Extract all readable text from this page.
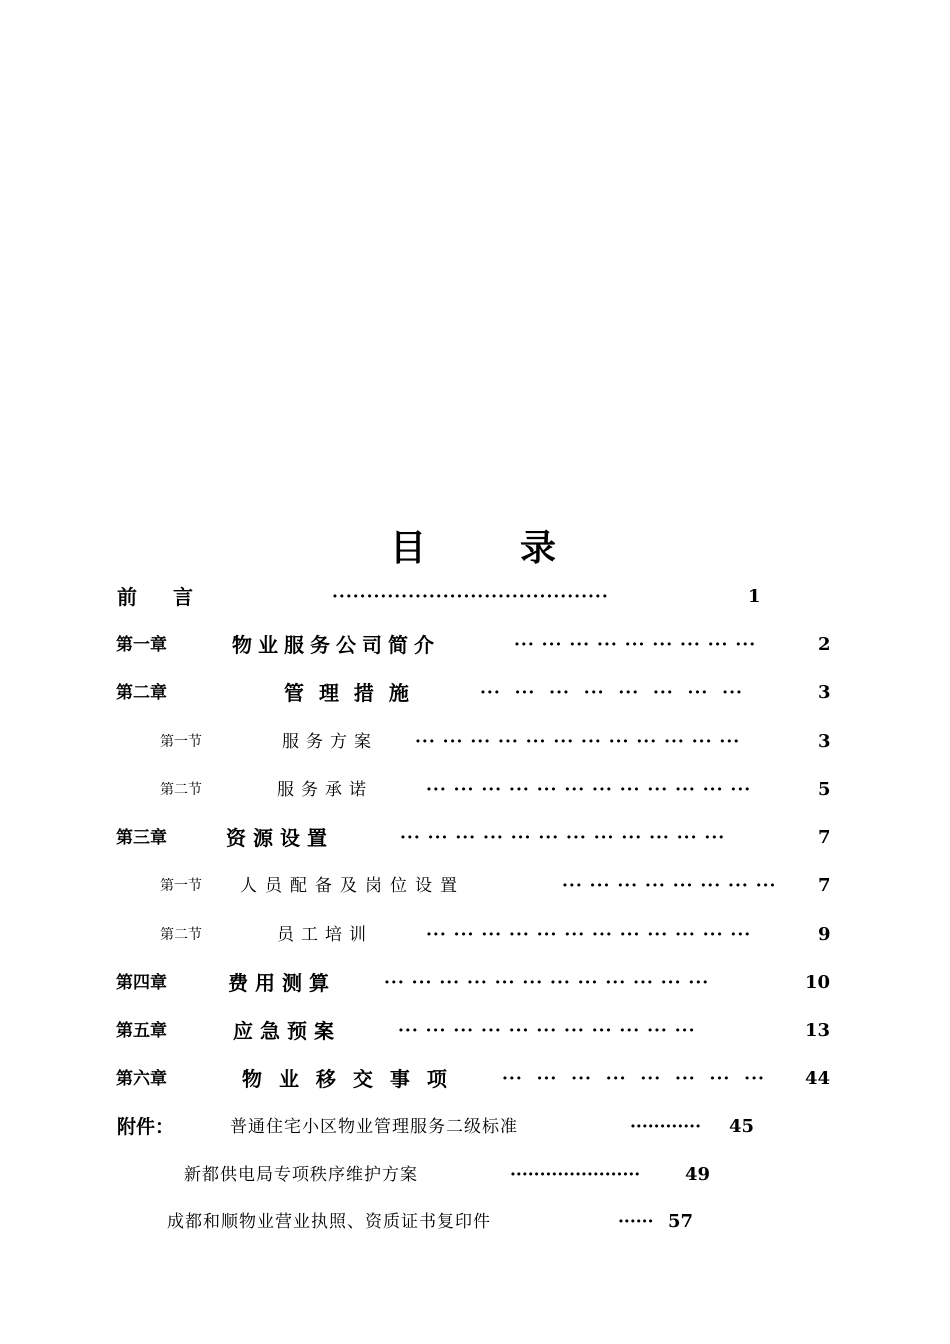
目	录
前　言	········································	1
第一章	物业服务公司简介	··· ··· ··· ··· ··· ··· ··· ··· ···	2
第二章	管 理 措 施	···  ···  ···  ···  ···  ···  ···  ···	3
第一节	服务方案 ··· ··· ··· ··· ··· ··· ··· ··· ··· ··· ··· ···	3
第二节	服务承诺	··· ··· ··· ··· ··· ··· ··· ··· ··· ··· ··· ···	5
第三章	资源设置	··· ··· ··· ··· ··· ··· ··· ··· ··· ··· ··· ···	7
第一节 人员配备及岗位设置	··· ··· ··· ··· ··· ··· ··· ··· 7
第二节	员工培训	··· ··· ··· ··· ··· ··· ··· ··· ··· ··· ··· ···	9
第四章	费用测算	··· ··· ··· ··· ··· ··· ··· ··· ··· ··· ··· ···	10
第五章	应急预案	··· ··· ··· ··· ··· ··· ··· ··· ··· ··· ···	13
第六章	物 业 移 交 事 项	···  ···  ···  ···  ···  ···  ···  ··· 44
附件：	普通住宅小区物业管理服务二级标准	············ 45
新都供电局专项秩序维护方案	······················ 49
成都和顺物业营业执照、资质证书复印件	······ 57
